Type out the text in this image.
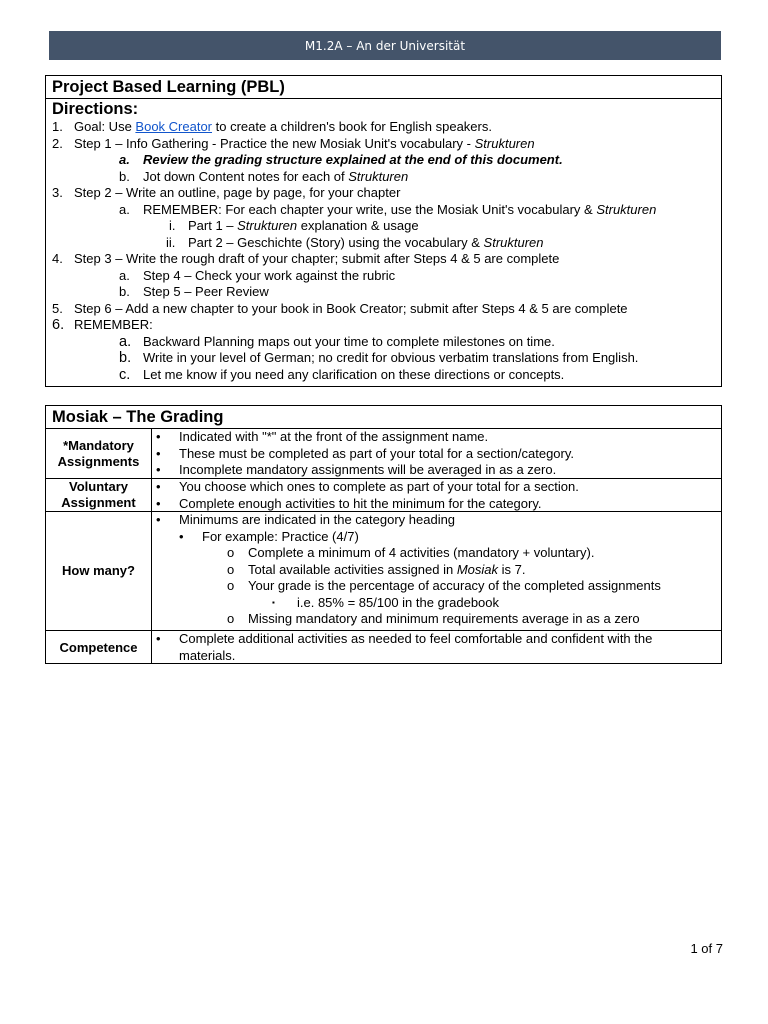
M1.2A – An der Universität
Project Based Learning (PBL)
Directions:
1. Goal: Use Book Creator to create a children's book for English speakers.
2. Step 1 – Info Gathering - Practice the new Mosiak Unit's vocabulary - Strukturen
a. Review the grading structure explained at the end of this document.
b. Jot down Content notes for each of Strukturen
3. Step 2 – Write an outline, page by page, for your chapter
a. REMEMBER: For each chapter your write, use the Mosiak Unit's vocabulary & Strukturen
i. Part 1 – Strukturen explanation & usage
ii. Part 2 – Geschichte (Story) using the vocabulary & Strukturen
4. Step 3 – Write the rough draft of your chapter; submit after Steps 4 & 5 are complete
a. Step 4 – Check your work against the rubric
b. Step 5 – Peer Review
5. Step 6 – Add a new chapter to your book in Book Creator; submit after Steps 4 & 5 are complete
6. REMEMBER:
a. Backward Planning maps out your time to complete milestones on time.
b. Write in your level of German; no credit for obvious verbatim translations from English.
c. Let me know if you need any clarification on these directions or concepts.
Mosiak – The Grading
*Mandatory Assignments
• Indicated with "*" at the front of the assignment name.
• These must be completed as part of your total for a section/category.
• Incomplete mandatory assignments will be averaged in as a zero.
Voluntary Assignment
• You choose which ones to complete as part of your total for a section.
• Complete enough activities to hit the minimum for the category.
How many?
• Minimums are indicated in the category heading
• For example: Practice (4/7)
o Complete a minimum of 4 activities (mandatory + voluntary).
o Total available activities assigned in Mosiak is 7.
o Your grade is the percentage of accuracy of the completed assignments
▪ i.e. 85% = 85/100 in the gradebook
o Missing mandatory and minimum requirements average in as a zero
Competence
• Complete additional activities as needed to feel comfortable and confident with the materials.
1 of 7
